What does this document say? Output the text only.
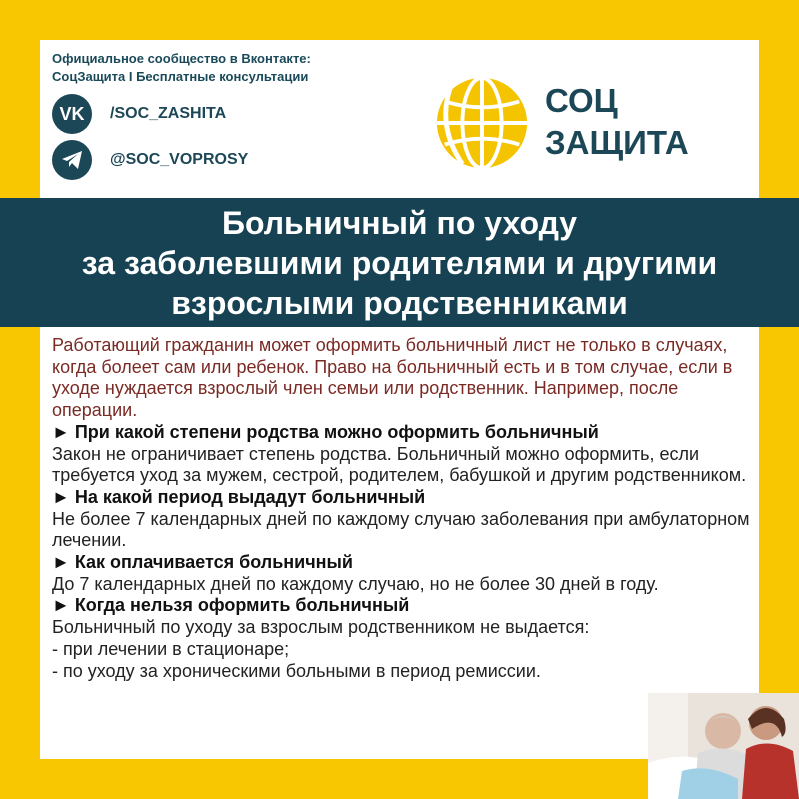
Официальное сообщество в Вконтакте:
СоцЗащита I Бесплатные консультации
VK /SOC_ZASHITA
@SOC_VOPROSY
СОЦ
ЗАЩИТА
Больничный по уходу
за заболевшими родителями и другими
взрослыми родственниками
Работающий гражданин может оформить больничный лист не только в случаях, когда болеет сам или ребенок. Право на больничный есть и в том случае, если в уходе нуждается взрослый член семьи или родственник. Например, после операции.
► При какой степени родства можно оформить больничный
Закон не ограничивает степень родства. Больничный можно оформить, если требуется уход за мужем, сестрой, родителем, бабушкой и другим родственником.
► На какой период выдадут больничный
Не более 7 календарных дней по каждому случаю заболевания при амбулаторном лечении.
► Как оплачивается больничный
До 7 календарных дней по каждому случаю, но не более 30 дней в году.
► Когда нельзя оформить больничный
Больничный по уходу за взрослым родственником не выдается:
- при лечении в стационаре;
- по уходу за хроническими больными в период ремиссии.
